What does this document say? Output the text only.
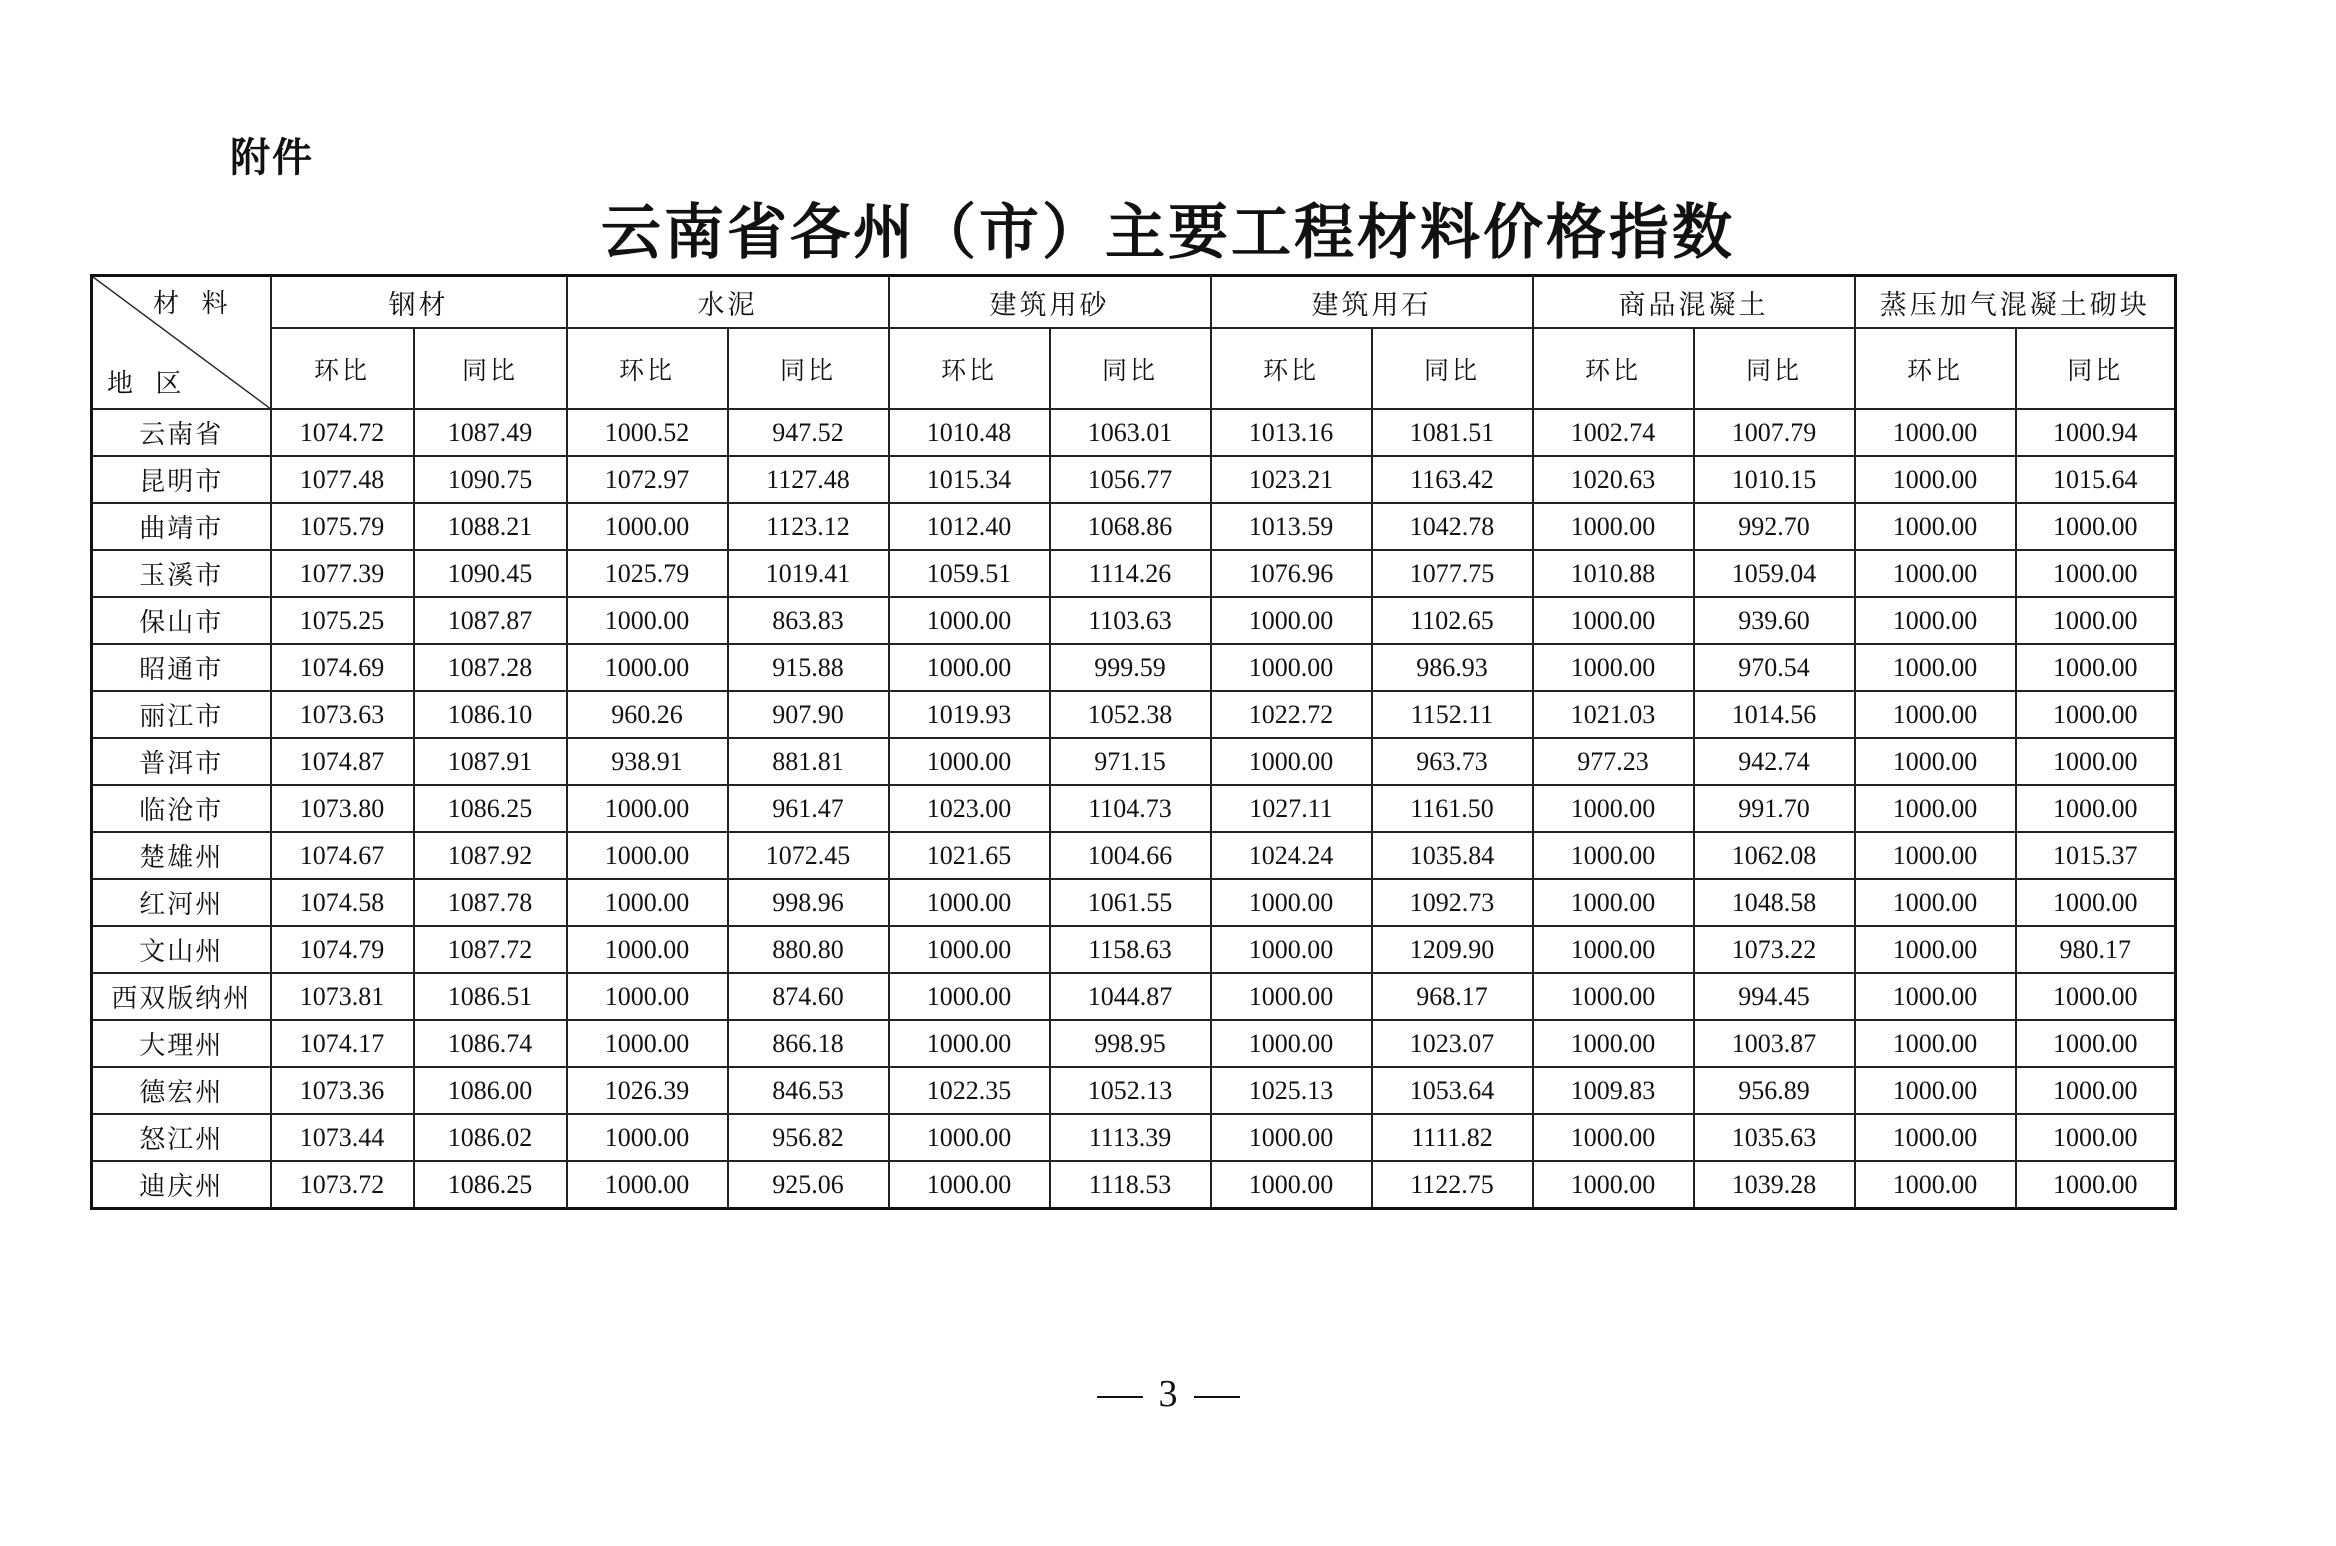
附件
云南省各州（市）主要工程材料价格指数
材 料
地 区	钢材		水泥		建筑用砂		建筑用石		商品混凝土		蒸压加气混凝土砌块	
	环比	同比	环比	同比	环比	同比	环比	同比	环比	同比	环比	同比
云南省	1074.72	1087.49	1000.52	947.52	1010.48	1063.01	1013.16	1081.51	1002.74	1007.79	1000.00	1000.94
昆明市	1077.48	1090.75	1072.97	1127.48	1015.34	1056.77	1023.21	1163.42	1020.63	1010.15	1000.00	1015.64
曲靖市	1075.79	1088.21	1000.00	1123.12	1012.40	1068.86	1013.59	1042.78	1000.00	992.70	1000.00	1000.00
玉溪市	1077.39	1090.45	1025.79	1019.41	1059.51	1114.26	1076.96	1077.75	1010.88	1059.04	1000.00	1000.00
保山市	1075.25	1087.87	1000.00	863.83	1000.00	1103.63	1000.00	1102.65	1000.00	939.60	1000.00	1000.00
昭通市	1074.69	1087.28	1000.00	915.88	1000.00	999.59	1000.00	986.93	1000.00	970.54	1000.00	1000.00
丽江市	1073.63	1086.10	960.26	907.90	1019.93	1052.38	1022.72	1152.11	1021.03	1014.56	1000.00	1000.00
普洱市	1074.87	1087.91	938.91	881.81	1000.00	971.15	1000.00	963.73	977.23	942.74	1000.00	1000.00
临沧市	1073.80	1086.25	1000.00	961.47	1023.00	1104.73	1027.11	1161.50	1000.00	991.70	1000.00	1000.00
楚雄州	1074.67	1087.92	1000.00	1072.45	1021.65	1004.66	1024.24	1035.84	1000.00	1062.08	1000.00	1015.37
红河州	1074.58	1087.78	1000.00	998.96	1000.00	1061.55	1000.00	1092.73	1000.00	1048.58	1000.00	1000.00
文山州	1074.79	1087.72	1000.00	880.80	1000.00	1158.63	1000.00	1209.90	1000.00	1073.22	1000.00	980.17
西双版纳州	1073.81	1086.51	1000.00	874.60	1000.00	1044.87	1000.00	968.17	1000.00	994.45	1000.00	1000.00
大理州	1074.17	1086.74	1000.00	866.18	1000.00	998.95	1000.00	1023.07	1000.00	1003.87	1000.00	1000.00
德宏州	1073.36	1086.00	1026.39	846.53	1022.35	1052.13	1025.13	1053.64	1009.83	956.89	1000.00	1000.00
怒江州	1073.44	1086.02	1000.00	956.82	1000.00	1113.39	1000.00	1111.82	1000.00	1035.63	1000.00	1000.00
迪庆州	1073.72	1086.25	1000.00	925.06	1000.00	1118.53	1000.00	1122.75	1000.00	1039.28	1000.00	1000.00
3
